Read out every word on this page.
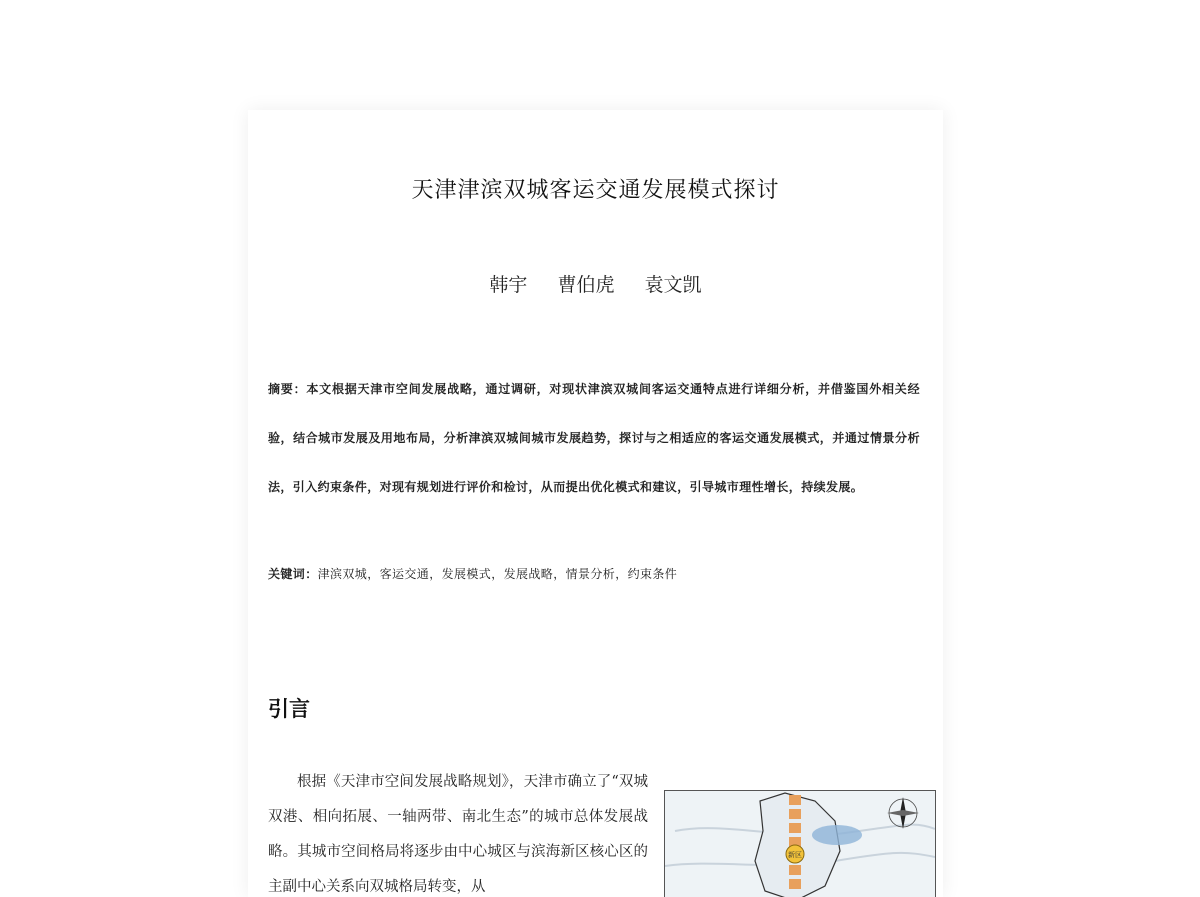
天津津滨双城客运交通发展模式探讨
韩宇 曹伯虎 袁文凯
摘要：本文根据天津市空间发展战略，通过调研，对现状津滨双城间客运交通特点进行详细分析，并借鉴国外相关经验，结合城市发展及用地布局，分析津滨双城间城市发展趋势，探讨与之相适应的客运交通发展模式，并通过情景分析法，引入约束条件，对现有规划进行评价和检讨，从而提出优化模式和建议，引导城市理性增长，持续发展。
关键词：津滨双城，客运交通，发展模式，发展战略，情景分析，约束条件
引言
根据《天津市空间发展战略规划》，天津市确立了“双城双港、相向拓展、一轴两带、南北生态”的城市总体发展战略。其城市空间格局将逐步由中心城区与滨海新区核心区的主副中心关系向双城格局转变，从
新区
